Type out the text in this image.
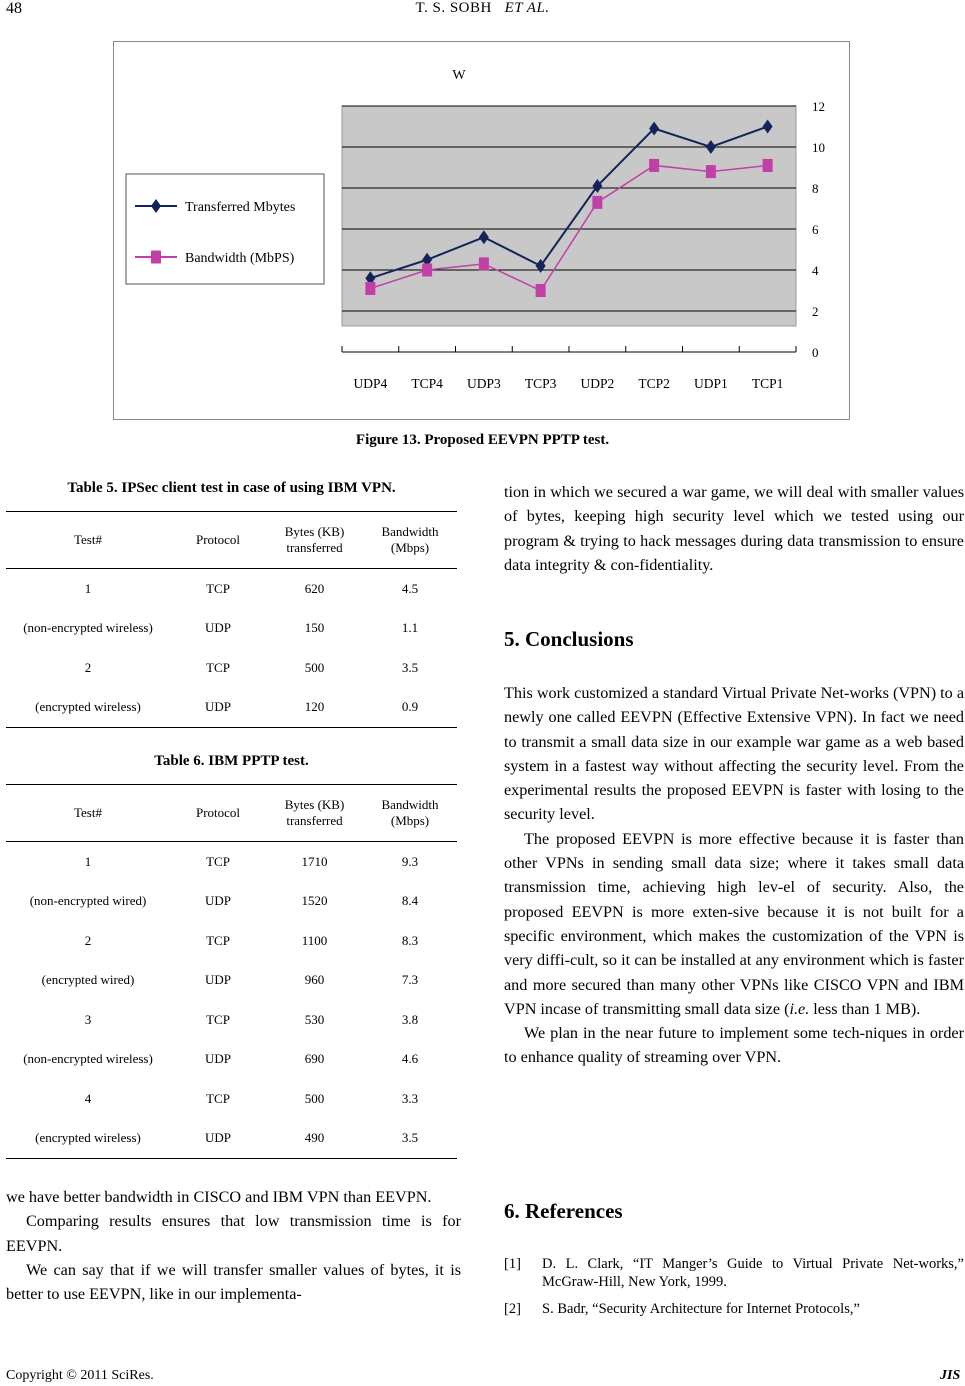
48	T. S. SOBH ET AL.
0
2
4
6
8
10
12
UDP4 TCP4 UDP3 TCP3 UDP2 TCP2 UDP1 TCP1
W
Transferred Mbytes
Bandwidth (MbPS)
Figure 13. Proposed EEVPN PPTP test.
Table 5. IPSec client test in case of using IBM VPN.
Test#	Protocol	Bytes (KB) transferred	Bandwidth (Mbps)
1	TCP	620	4.5
(non-encrypted wireless)	UDP	150	1.1
2	TCP	500	3.5
(encrypted wireless)	UDP	120	0.9
Table 6. IBM PPTP test.
Test#	Protocol	Bytes (KB) transferred	Bandwidth (Mbps)
1	TCP	1710	9.3
(non-encrypted wired)	UDP	1520	8.4
2	TCP	1100	8.3
(encrypted wired)	UDP	960	7.3
3	TCP	530	3.8
(non-encrypted wireless)	UDP	690	4.6
4	TCP	500	3.3
(encrypted wireless)	UDP	490	3.5

we have better bandwidth in CISCO and IBM VPN than EEVPN.

Comparing results ensures that low transmission time is for EEVPN.

We can say that if we will transfer smaller values of bytes, it is better to use EEVPN, like in our implementa-

tion in which we secured a war game, we will deal with smaller values of bytes, keeping high security level which we tested using our program & trying to hack messages during data transmission to ensure data integrity & con-fidentiality.

5. Conclusions

This work customized a standard Virtual Private Net-works (VPN) to a newly one called EEVPN (Effective Extensive VPN). In fact we need to transmit a small data size in our example war game as a web based system in a fastest way without affecting the security level. From the experimental results the proposed EEVPN is faster with losing to the security level.

The proposed EEVPN is more effective because it is faster than other VPNs in sending small data size; where it takes small data transmission time, achieving high lev-el of security. Also, the proposed EEVPN is more exten-sive because it is not built for a specific environment, which makes the customization of the VPN is very diffi-cult, so it can be installed at any environment which is faster and more secured than many other VPNs like CISCO VPN and IBM VPN incase of transmitting small data size (i.e. less than 1 MB).

We plan in the near future to implement some tech-niques in order to enhance quality of streaming over VPN.

6. References
[1]	D. L. Clark, “IT Manger’s Guide to Virtual Private Net-works,” McGraw-Hill, New York, 1999.
[2]	S. Badr, “Security Architecture for Internet Protocols,”
Copyright © 2011 SciRes.	JIS
